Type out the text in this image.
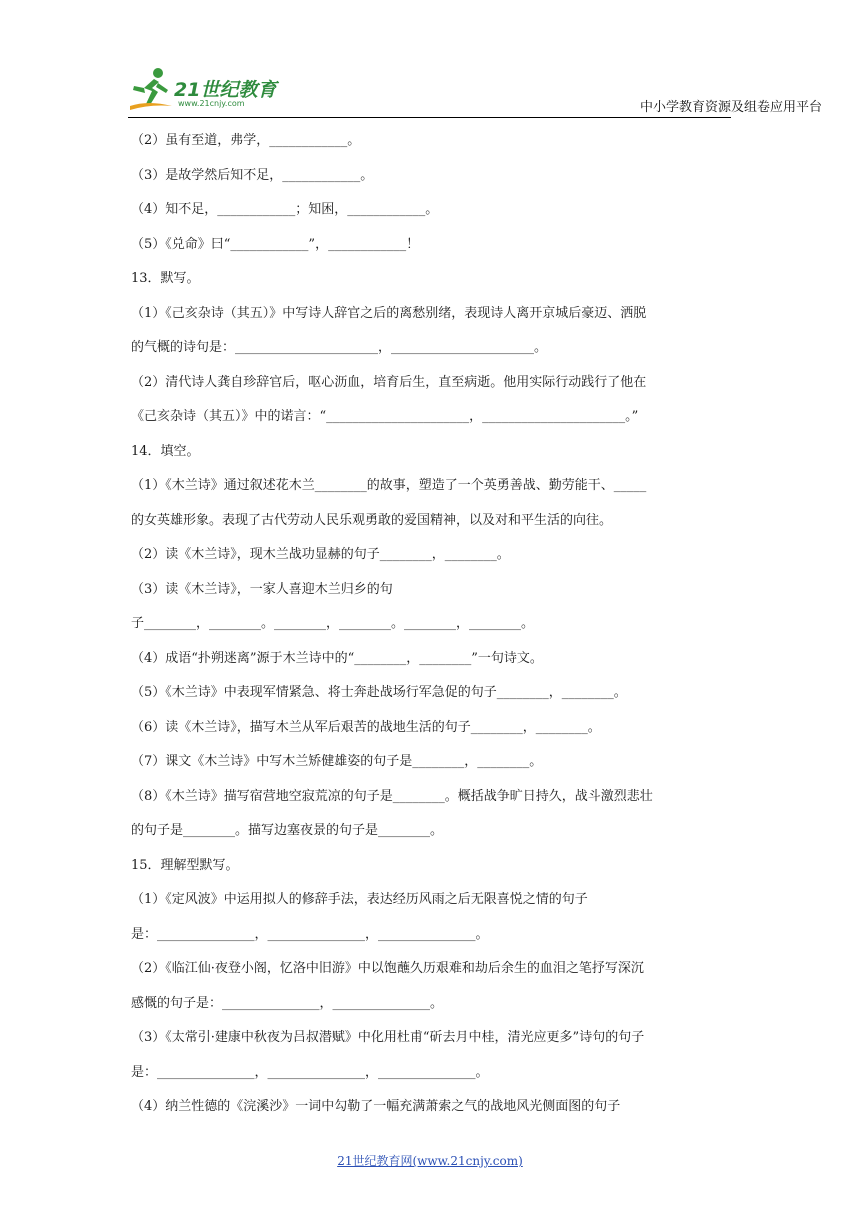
21世纪教育
www.21cnjy.com	中小学教育资源及组卷应用平台
（2）虽有至道，弗学，____________。
（3）是故学然后知不足，____________。
（4）知不足，____________；知困，____________。
（5）《兑命》曰“____________”，____________！
13．默写。
（1）《己亥杂诗（其五）》中写诗人辞官之后的离愁别绪，表现诗人离开京城后豪迈、洒脱
的气概的诗句是：______________________，______________________。
（2）清代诗人龚自珍辞官后，呕心沥血，培育后生，直至病逝。他用实际行动践行了他在
《己亥杂诗（其五）》中的诺言：“______________________，______________________。”
14．填空。
（1）《木兰诗》通过叙述花木兰________的故事，塑造了一个英勇善战、勤劳能干、_____
的女英雄形象。表现了古代劳动人民乐观勇敢的爱国精神，以及对和平生活的向往。
（2）读《木兰诗》，现木兰战功显赫的句子________，________。
（3）读《木兰诗》，一家人喜迎木兰归乡的句
子________，________。________，________。________，________。
（4）成语“扑朔迷离”源于木兰诗中的“________，________”一句诗文。
（5）《木兰诗》中表现军情紧急、将士奔赴战场行军急促的句子________，________。
（6）读《木兰诗》，描写木兰从军后艰苦的战地生活的句子________，________。
（7）课文《木兰诗》中写木兰矫健雄姿的句子是________，________。
（8）《木兰诗》描写宿营地空寂荒凉的句子是________。概括战争旷日持久，战斗激烈悲壮
的句子是________。描写边塞夜景的句子是________。
15．理解型默写。
（1）《定风波》中运用拟人的修辞手法，表达经历风雨之后无限喜悦之情的句子
是：_______________，_______________，_______________。
（2）《临江仙·夜登小阁，忆洛中旧游》中以饱蘸久历艰难和劫后余生的血泪之笔抒写深沉
感慨的句子是：_______________，_______________。
（3）《太常引·建康中秋夜为吕叔潜赋》中化用杜甫“斫去月中桂，清光应更多”诗句的句子
是：_______________，_______________，_______________。
（4）纳兰性德的《浣溪沙》一词中勾勒了一幅充满萧索之气的战地风光侧面图的句子
21世纪教育网(www.21cnjy.com)
